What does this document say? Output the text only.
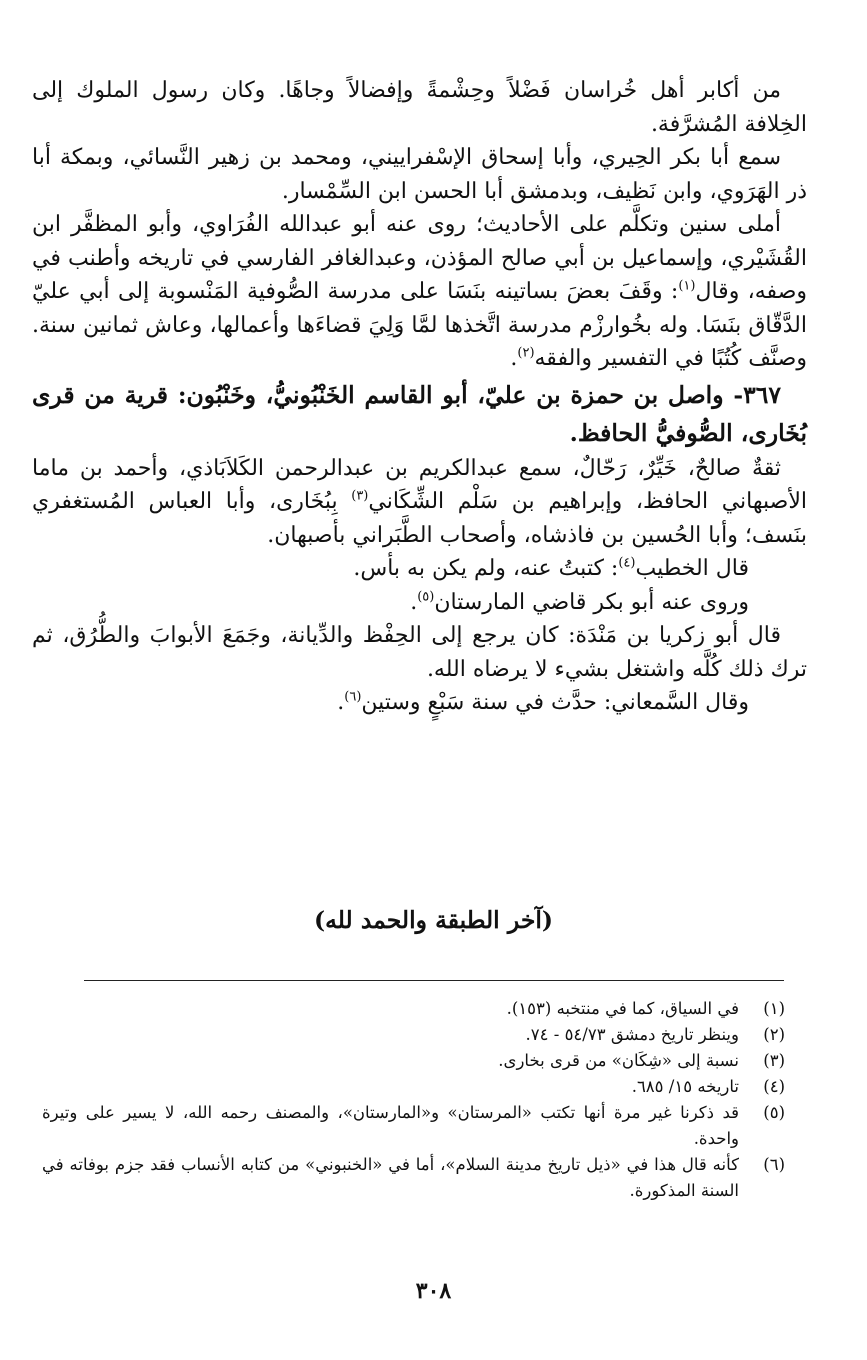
من أكابر أهل خُراسان فَضْلاً وحِشْمةً وإفضالاً وجاهًا. وكان رسول الملوك إلى الخِلافة المُشرَّفة.

سمع أبا بكر الحِيري، وأبا إسحاق الإسْفراييني، ومحمد بن زهير النَّسائي، وبمكة أبا ذر الهَرَوي، وابن نَظيف، وبدمشق أبا الحسن ابن السِّمْسار.

أملى سنين وتكلَّم على الأحاديث؛ روى عنه أبو عبدالله الفُرَاوي، وأبو المظفَّر ابن القُشَيْري، وإسماعيل بن أبي صالح المؤذن، وعبدالغافر الفارسي في تاريخه وأطنب في وصفه، وقال$^{(١)}$: وقَفَ بعضَ بساتينه بنَسَا على مدرسة الصُّوفية المَنْسوبة إلى أبي عليّ الدَّقّاق بنَسَا. وله بخُوارزْم مدرسة اتَّخذها لمَّا وَلِيَ قضاءَها وأعمالها، وعاش ثمانين سنة. وصنَّف كُتُبًا في التفسير والفقه$^{(٢)}$.

٣٦٧- واصل بن حمزة بن عليّ، أبو القاسم الخَنْبُونيُّ، وخَنْبُون: قرية من قرى بُخَارى، الصُّوفيُّ الحافظ.

ثقةٌ صالحٌ، خَيِّرٌ، رَحّالٌ، سمع عبدالكريم بن عبدالرحمن الكَلاَبَاذي، وأحمد بن ماما الأصبهاني الحافظ، وإبراهيم بن سَلْم الشِّكَاني$^{(٣)}$ بِبُخَارى، وأبا العباس المُستغفري بنَسف؛ وأبا الحُسين بن فاذشاه، وأصحاب الطَّبَراني بأصبهان.

قال الخطيب$^{(٤)}$: كتبتُ عنه، ولم يكن به بأس.

وروى عنه أبو بكر قاضي المارستان$^{(٥)}$.

قال أبو زكريا بن مَنْدَة: كان يرجع إلى الحِفْظ والدِّيانة، وجَمَعَ الأبوابَ والطُّرُق، ثم ترك ذلك كُلَّه واشتغل بشيء لا يرضاه الله.

وقال السَّمعاني: حدَّث في سنة سَبْعٍ وستين$^{(٦)}$.

(آخر الطبقة والحمد لله)
(١)
في السياق، كما في منتخبه (١٥٣).
(٢)
وينظر تاريخ دمشق ٥٤/٧٣ - ٧٤.
(٣)
نسبة إلى «شِكَان» من قرى بخارى.
(٤)
تاريخه ١٥/ ٦٨٥.
(٥)
قد ذكرنا غير مرة أنها تكتب «المرستان» و«المارستان»، والمصنف رحمه الله، لا يسير على وتيرة واحدة.
(٦)
كأنه قال هذا في «ذيل تاريخ مدينة السلام»، أما في «الخنبوني» من كتابه الأنساب فقد جزم بوفاته في السنة المذكورة.
٣٠٨
